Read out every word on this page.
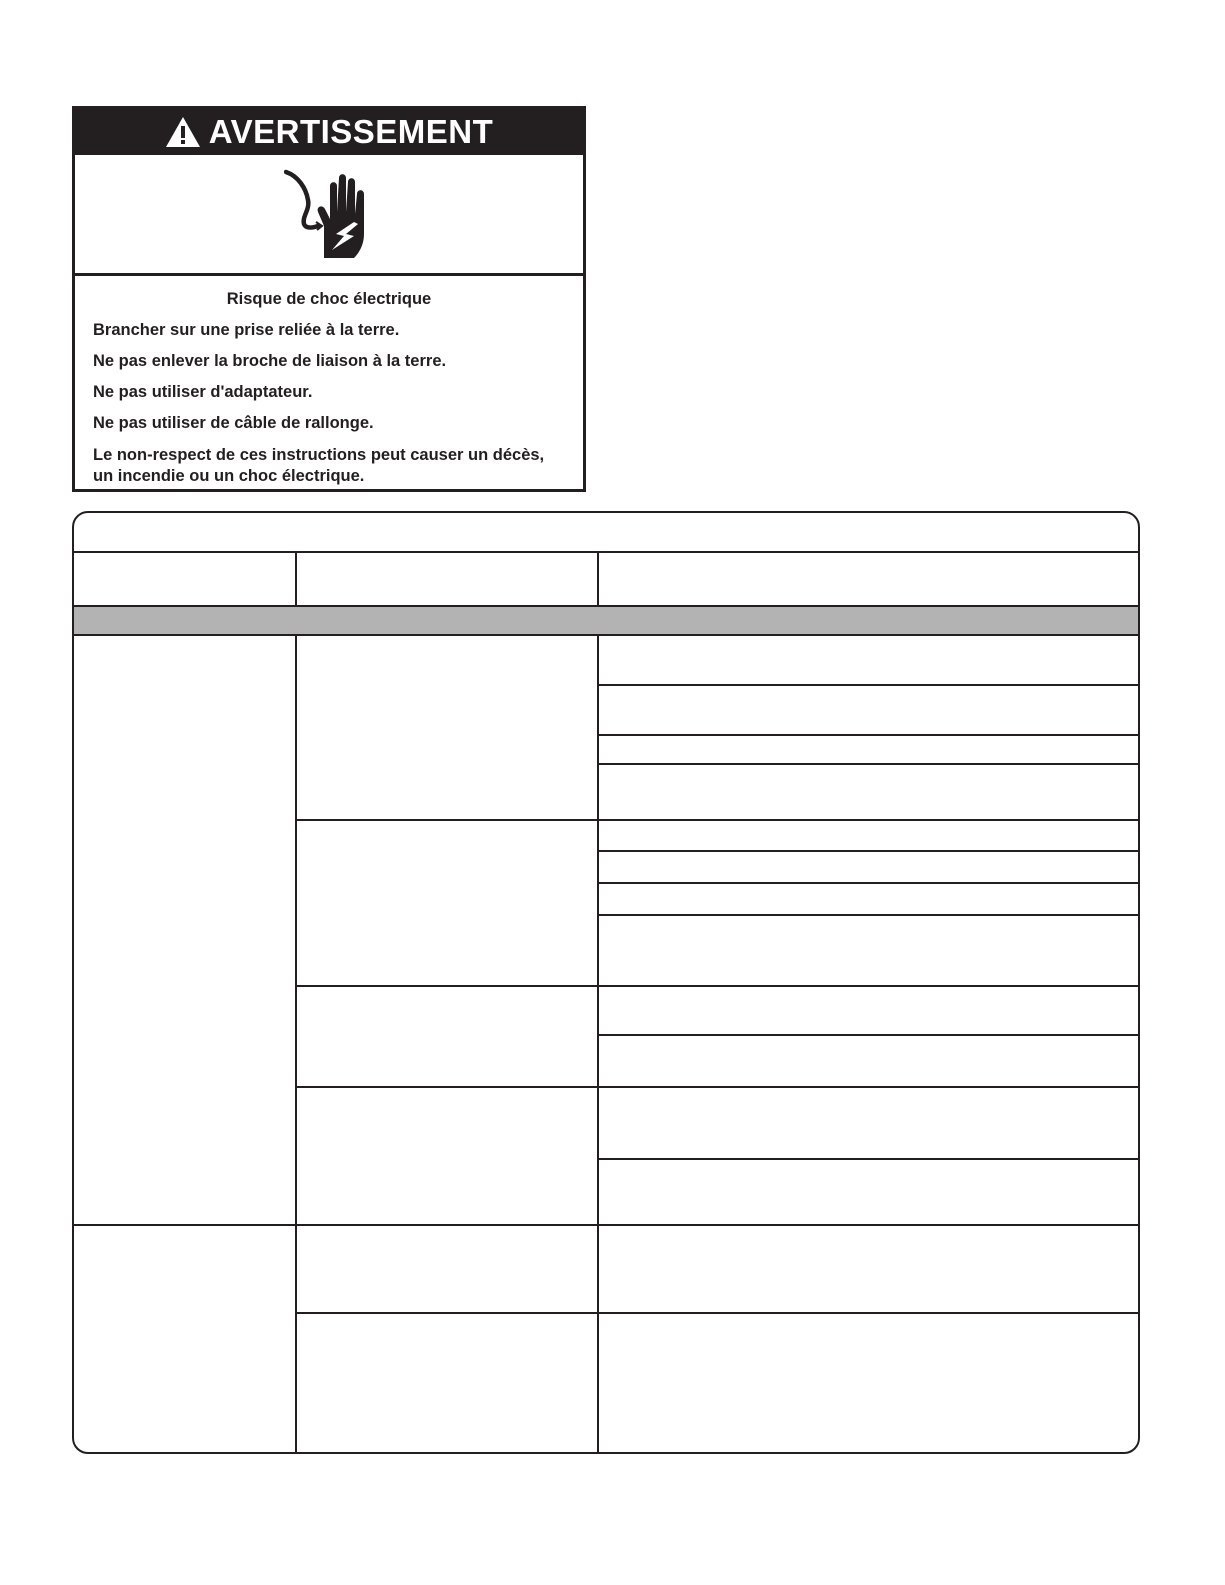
AVERTISSEMENT
Risque de choc électrique
Brancher sur une prise reliée à la terre.
Ne pas enlever la broche de liaison à la terre.
Ne pas utiliser d'adaptateur.
Ne pas utiliser de câble de rallonge.
Le non-respect de ces instructions peut causer un décès, un incendie ou un choc électrique.
